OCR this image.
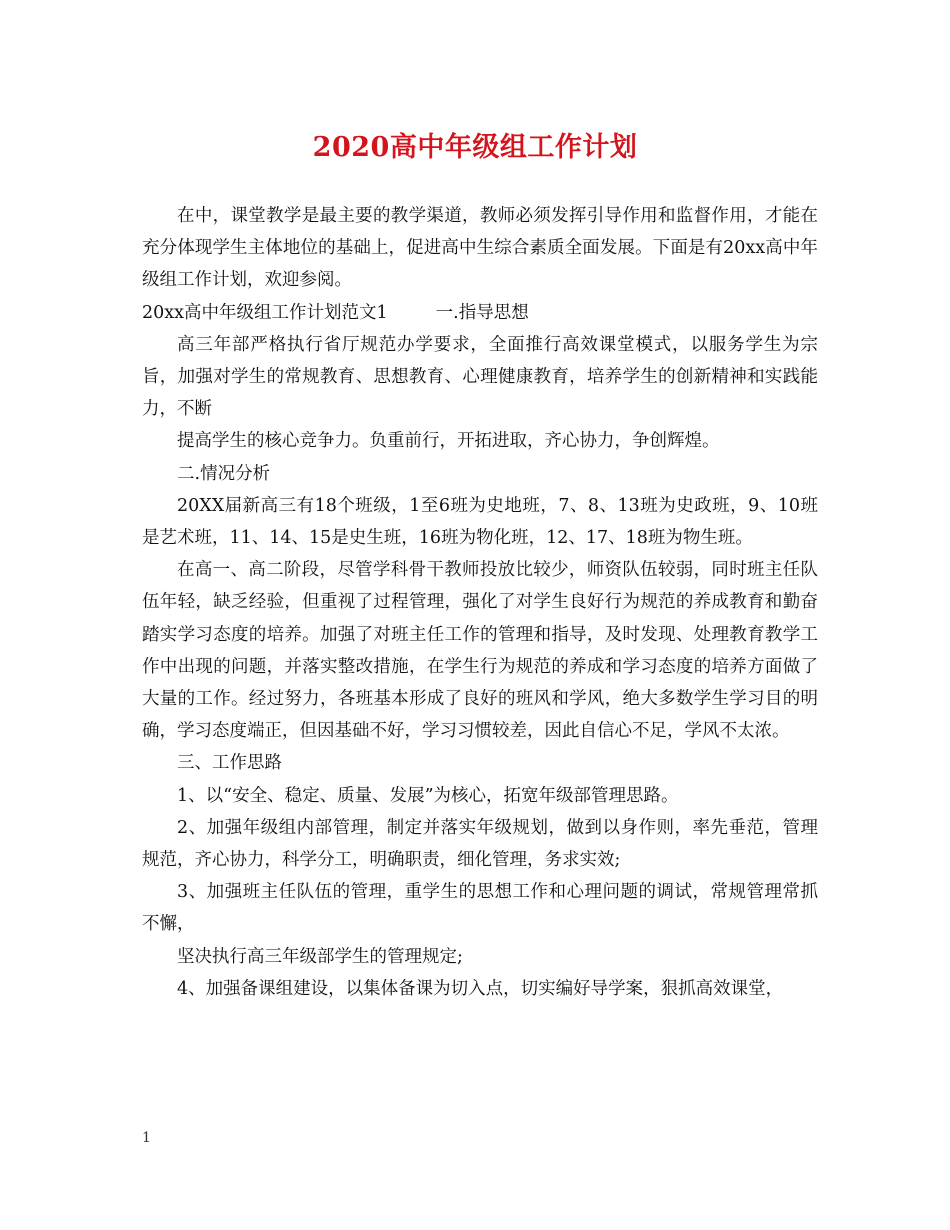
2020高中年级组工作计划

在中，课堂教学是最主要的教学渠道，教师必须发挥引导作用和监督作用，才能在充分体现学生主体地位的基础上，促进高中生综合素质全面发展。下面是有20xx高中年级组工作计划，欢迎参阅。

20xx高中年级组工作计划范文1	一.指导思想

高三年部严格执行省厅规范办学要求，全面推行高效课堂模式，以服务学生为宗旨，加强对学生的常规教育、思想教育、心理健康教育，培养学生的创新精神和实践能力，不断

提高学生的核心竞争力。负重前行，开拓进取，齐心协力，争创辉煌。

二.情况分析

20XX届新高三有18个班级，1至6班为史地班，7、8、13班为史政班，9、10班是艺术班，11、14、15是史生班，16班为物化班，12、17、18班为物生班。

在高一、高二阶段，尽管学科骨干教师投放比较少，师资队伍较弱，同时班主任队伍年轻，缺乏经验，但重视了过程管理，强化了对学生良好行为规范的养成教育和勤奋踏实学习态度的培养。加强了对班主任工作的管理和指导，及时发现、处理教育教学工作中出现的问题，并落实整改措施，在学生行为规范的养成和学习态度的培养方面做了大量的工作。经过努力，各班基本形成了良好的班风和学风，绝大多数学生学习目的明确，学习态度端正，但因基础不好，学习习惯较差，因此自信心不足，学风不太浓。

三、工作思路

1、以“安全、稳定、质量、发展”为核心，拓宽年级部管理思路。

2、加强年级组内部管理，制定并落实年级规划，做到以身作则，率先垂范，管理规范，齐心协力，科学分工，明确职责，细化管理，务求实效;

3、加强班主任队伍的管理，重学生的思想工作和心理问题的调试，常规管理常抓不懈，

坚决执行高三年级部学生的管理规定;

4、加强备课组建设，以集体备课为切入点，切实编好导学案，狠抓高效课堂，

1
